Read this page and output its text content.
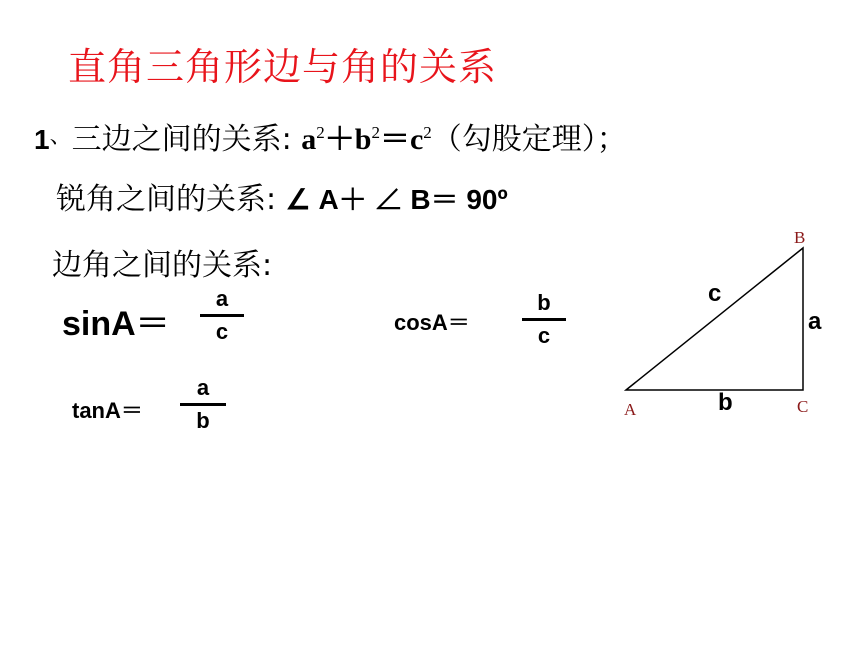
直角三角形边与角的关系
1、三边之间的关系: $a^2+b^2=c^2$（勾股定理）；
锐角之间的关系: ∠ A＋ ∠ B＝ 90º
边角之间的关系:
sinA＝
a
c	cosA＝
b
c
tanA＝
a
b
B
A	C
c
a
b
